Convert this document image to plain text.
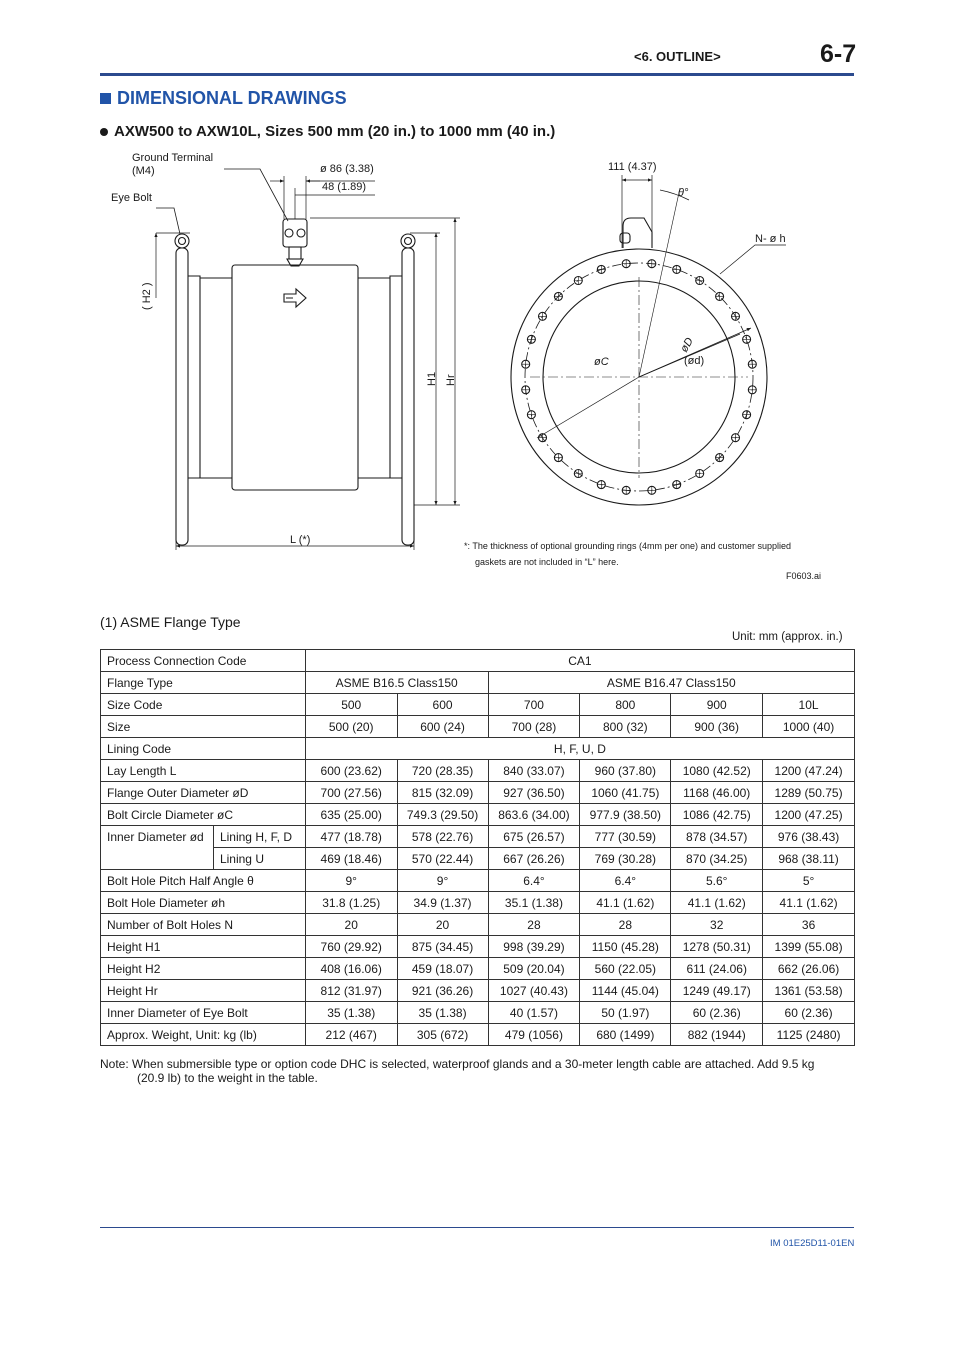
<6. OUTLINE>	6-7
DIMENSIONAL DRAWINGS
AXW500 to AXW10L, Sizes 500 mm (20 in.) to 1000 mm (40 in.)
Ground Terminal
(M4)
Eye Bolt
ø 86 (3.38)
48 (1.89)
( H2 )
H1 Hr
L (*)
111 (4.37)
θ°
N- ø h
øD
øC	(ød)
*: The thickness of optional grounding rings (4mm per one) and customer supplied
gaskets are not included in “L” here.
F0603.ai
(1) ASME Flange Type
Unit: mm (approx. in.)
Process Connection Code		CA1					
Flange Type		ASME B16.5 Class150		ASME B16.47 Class150			
Size Code		500	600	700	800	900	10L
Size		500 (20)	600 (24)	700 (28)	800 (32)	900 (36)	1000 (40)
Lining Code		H, F, U, D					
Lay Length L		600 (23.62)	720 (28.35)	840 (33.07)	960 (37.80)	1080 (42.52)	1200 (47.24)
Flange Outer Diameter øD		700 (27.56)	815 (32.09)	927 (36.50)	1060 (41.75)	1168 (46.00)	1289 (50.75)
Bolt Circle Diameter øC		635 (25.00)	749.3 (29.50)	863.6 (34.00)	977.9 (38.50)	1086 (42.75)	1200 (47.25)
Inner Diameter ød	Lining H, F, D	477 (18.78)	578 (22.76)	675 (26.57)	777 (30.59)	878 (34.57)	976 (38.43)
	Lining U	469 (18.46)	570 (22.44)	667 (26.26)	769 (30.28)	870 (34.25)	968 (38.11)
Bolt Hole Pitch Half Angle θ		9°	9°	6.4°	6.4°	5.6°	5°
Bolt Hole Diameter øh		31.8 (1.25)	34.9 (1.37)	35.1 (1.38)	41.1 (1.62)	41.1 (1.62)	41.1 (1.62)
Number of Bolt Holes N		20	20	28	28	32	36
Height H1		760 (29.92)	875 (34.45)	998 (39.29)	1150 (45.28)	1278 (50.31)	1399 (55.08)
Height H2		408 (16.06)	459 (18.07)	509 (20.04)	560 (22.05)	611 (24.06)	662 (26.06)
Height Hr		812 (31.97)	921 (36.26)	1027 (40.43)	1144 (45.04)	1249 (49.17)	1361 (53.58)
Inner Diameter of Eye Bolt		35 (1.38)	35 (1.38)	40 (1.57)	50 (1.97)	60 (2.36)	60 (2.36)
Approx. Weight, Unit: kg (lb)		212 (467)	305 (672)	479 (1056)	680 (1499)	882 (1944)	1125 (2480)
Note: When submersible type or option code DHC is selected, waterproof glands and a 30-meter length cable are attached. Add 9.5 kg
(20.9 lb) to the weight in the table.
IM 01E25D11-01EN
